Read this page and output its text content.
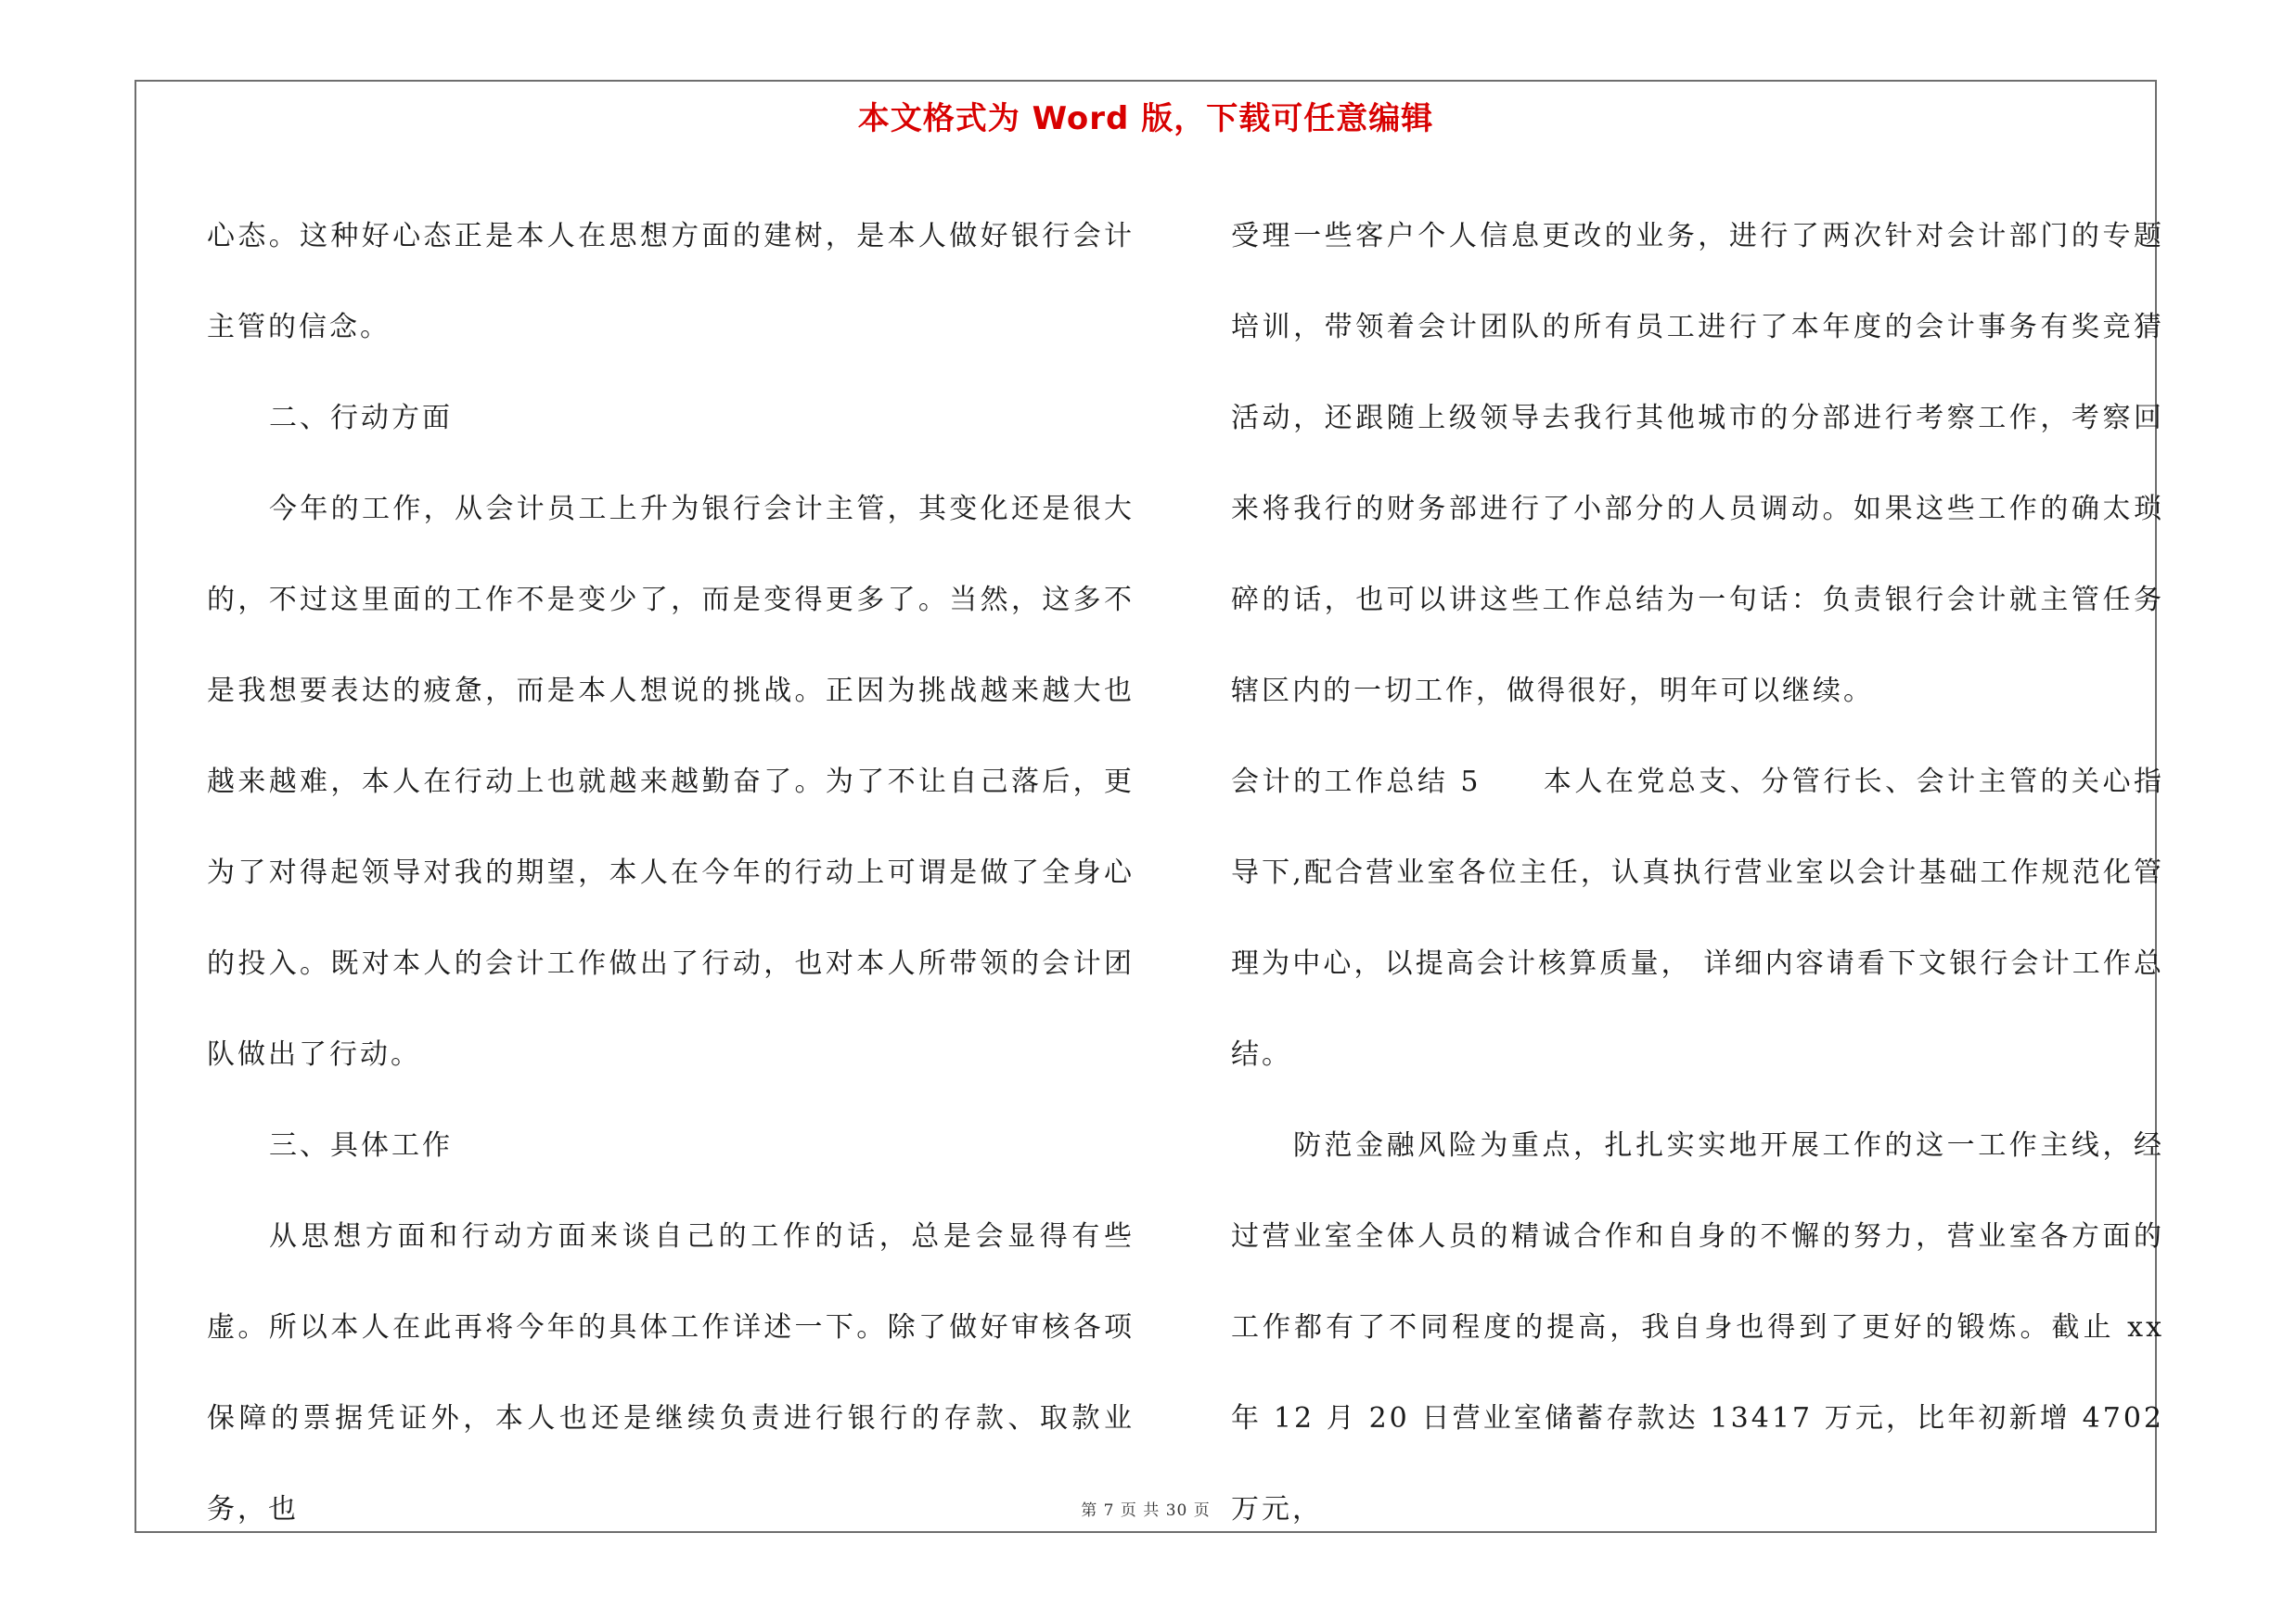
本文格式为 Word 版，下载可任意编辑

心态。这种好心态正是本人在思想方面的建树，是本人做好银行会计主管的信念。

二、行动方面

今年的工作，从会计员工上升为银行会计主管，其变化还是很大的，不过这里面的工作不是变少了，而是变得更多了。当然，这多不是我想要表达的疲惫，而是本人想说的挑战。正因为挑战越来越大也越来越难，本人在行动上也就越来越勤奋了。为了不让自己落后，更为了对得起领导对我的期望，本人在今年的行动上可谓是做了全身心的投入。既对本人的会计工作做出了行动，也对本人所带领的会计团队做出了行动。

三、具体工作

从思想方面和行动方面来谈自己的工作的话，总是会显得有些虚。所以本人在此再将今年的具体工作详述一下。除了做好审核各项保障的票据凭证外，本人也还是继续负责进行银行的存款、取款业务，也

受理一些客户个人信息更改的业务，进行了两次针对会计部门的专题培训，带领着会计团队的所有员工进行了本年度的会计事务有奖竞猜活动，还跟随上级领导去我行其他城市的分部进行考察工作，考察回来将我行的财务部进行了小部分的人员调动。如果这些工作的确太琐碎的话，也可以讲这些工作总结为一句话：负责银行会计就主管任务辖区内的一切工作，做得很好，明年可以继续。

会计的工作总结 5　　本人在党总支、分管行长、会计主管的关心指导下,配合营业室各位主任，认真执行营业室以会计基础工作规范化管理为中心，以提高会计核算质量， 详细内容请看下文银行会计工作总结。

防范金融风险为重点，扎扎实实地开展工作的这一工作主线，经过营业室全体人员的精诚合作和自身的不懈的努力，营业室各方面的工作都有了不同程度的提高，我自身也得到了更好的锻炼。截止 xx 年 12 月 20 日营业室储蓄存款达 13417 万元，比年初新增 4702 万元，

第 7 页 共 30 页
